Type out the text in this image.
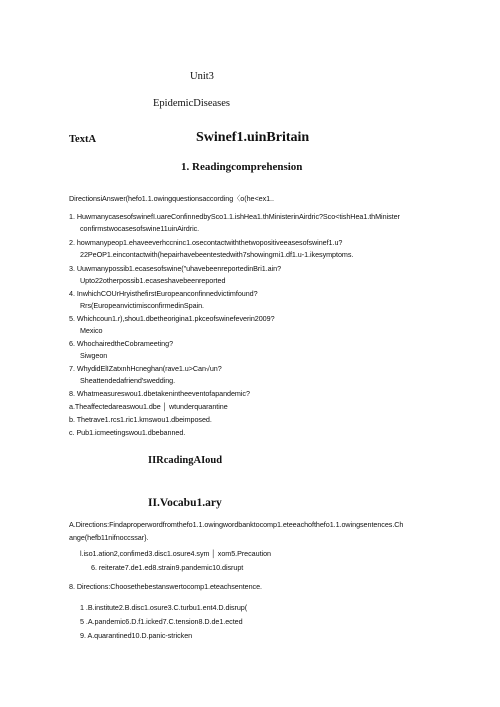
Unit3
EpidemicDiseases
TextA	Swinef1.uinBritain
1. Readingcomprehension
DirectionsiAnswer(hefo1.1.owingquestionsaccording〈o(he<ex1..
1. HuwmanycasesofswinefI.uareConfinnedbySco1.1.ishHea1.thMinisterinAirdric?Sco<tishHea1.thMinister
confirmstwocasesofswine11uinAirdric.
2. howmanypeop1.ehaveeverhccninc1.osecontactwiththetwopositiveeasesofswinef1.u?
22PeOP1.eincontactwith(hepairhavebeentestedwith7showingmi1.df1.u-1.ikesymptoms.
3. Uuwmanypossib1.ecasesofswine("uhavebeenreportedinBri1.ain?
Upto22otherpossib1.ecaseshavebeenreported
4. InwhichCOUrHryisthefirstEuropeanconfinnedvictimfound?
Rrs(EuropeanvictimisconfirmedinSpain.
5. Whichcoun1.r),shou1.dbetheorigina1.pkceofswinefeverin2009?
Mexico
6. WhochairedtheCobrameeting?
Siwgeon
7. WhydidElIZatxnhHcneghan(rave1.u>Can√un?
Sheattendedafriend'swedding.
8. Whatmeasureswou1.dbetakenintheeventofapandemic?
a.Theaffectedareaswou1.dbe │ wtunderquarantine
b. Thetrave1.rcs1.ric1.kmswou1.dbeimposed.
c. Pub1.icmeetingswou1.dbebanned.
IIRcadingAIoud
II.Vocabu1.ary
A.Directions:Findaproperwordfromthefo1.1.owingwordbanktocomp1.eteeachofthefo1.1.owingsentences.Ch
ange(hefb11nifnoccssar}.
l.iso1.ation2,confimed3.disc1.osure4.sym │ xom5.Precaution
6. reiterate7.de1.ed8.strain9.pandemic10.disrupt
8. Directions:Choosethebestanswertocomp1.eteachsentence.
1 .B.institute2.B.disc1.osure3.C.turbu1.ent4.D.disrup(
5 .A.pandemic6.D.f1.icked7.C.tension8.D.de1.ected
9. A.quarantined10.D.panic-stricken
